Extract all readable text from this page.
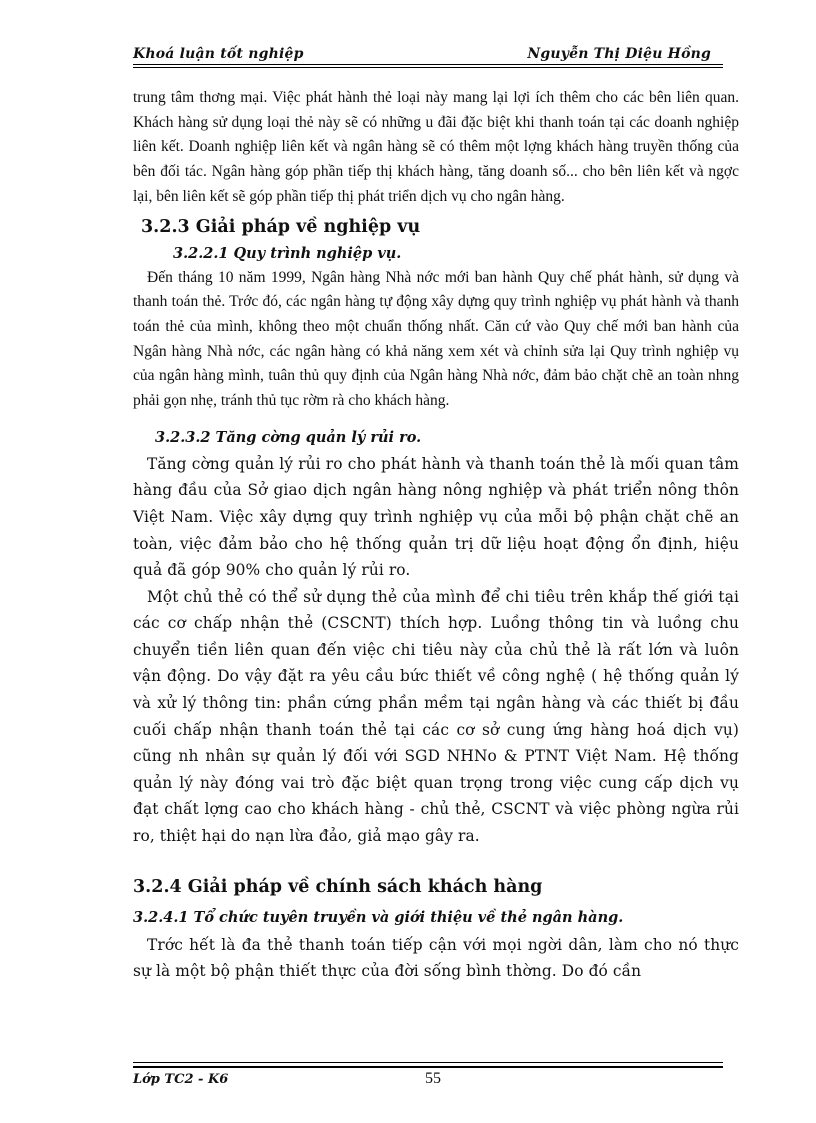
Khoá luận tốt nghiệp	Nguyễn Thị Diệu Hồng

trung tâm thơng mại. Việc phát hành thẻ loại này mang lại lợi ích thêm cho các bên liên quan. Khách hàng sử dụng loại thẻ này sẽ có những u đãi đặc biệt khi thanh toán tại các doanh nghiệp liên kết. Doanh nghiệp liên kết và ngân hàng sẽ có thêm một lợng khách hàng truyền thống của bên đối tác. Ngân hàng góp phần tiếp thị khách hàng, tăng doanh số... cho bên liên kết và ngợc lại, bên liên kết sẽ góp phần tiếp thị phát triển dịch vụ cho ngân hàng.

3.2.3 Giải pháp về nghiệp vụ
3.2.2.1 Quy trình nghiệp vụ.

Đến tháng 10 năm 1999, Ngân hàng Nhà nớc mới ban hành Quy chế phát hành, sử dụng và thanh toán thẻ. Trớc đó, các ngân hàng tự động xây dựng quy trình nghiệp vụ phát hành và thanh toán thẻ của mình, không theo một chuẩn thống nhất. Căn cứ vào Quy chế mới ban hành của Ngân hàng Nhà nớc, các ngân hàng có khả năng xem xét và chỉnh sửa lại Quy trình nghiệp vụ của ngân hàng mình, tuân thủ quy định của Ngân hàng Nhà nớc, đảm bảo chặt chẽ an toàn nhng phải gọn nhẹ, tránh thủ tục rờm rà cho khách hàng.

3.2.3.2 Tăng cờng quản lý rủi ro.

Tăng cờng quản lý rủi ro cho phát hành và thanh toán thẻ là mối quan tâm hàng đầu của Sở giao dịch ngân hàng nông nghiệp và phát triển nông thôn Việt Nam. Việc xây dựng quy trình nghiệp vụ của mỗi bộ phận chặt chẽ an toàn, việc đảm bảo cho hệ thống quản trị dữ liệu hoạt động ổn định, hiệu quả đã góp 90% cho quản lý rủi ro.

Một chủ thẻ có thể sử dụng thẻ của mình để chi tiêu trên khắp thế giới tại các cơ chấp nhận thẻ (CSCNT) thích hợp. Luồng thông tin và luồng chu chuyển tiền liên quan đến việc chi tiêu này của chủ thẻ là rất lớn và luôn vận động. Do vậy đặt ra yêu cầu bức thiết về công nghệ ( hệ thống quản lý và xử lý thông tin: phần cứng phần mềm tại ngân hàng và các thiết bị đầu cuối chấp nhận thanh toán thẻ tại các cơ sở cung ứng hàng hoá dịch vụ) cũng nh nhân sự quản lý đối với SGD NHNo & PTNT Việt Nam. Hệ thống quản lý này đóng vai trò đặc biệt quan trọng trong việc cung cấp dịch vụ đạt chất lợng cao cho khách hàng - chủ thẻ, CSCNT và việc phòng ngừa rủi ro, thiệt hại do nạn lừa đảo, giả mạo gây ra.

3.2.4 Giải pháp về chính sách khách hàng
3.2.4.1 Tổ chức tuyên truyền và giới thiệu về thẻ ngân hàng.

Trớc hết là đa thẻ thanh toán tiếp cận với mọi ngời dân, làm cho nó thực sự là một bộ phận thiết thực của đời sống bình thờng. Do đó cần

Lớp TC2 - K6	55
